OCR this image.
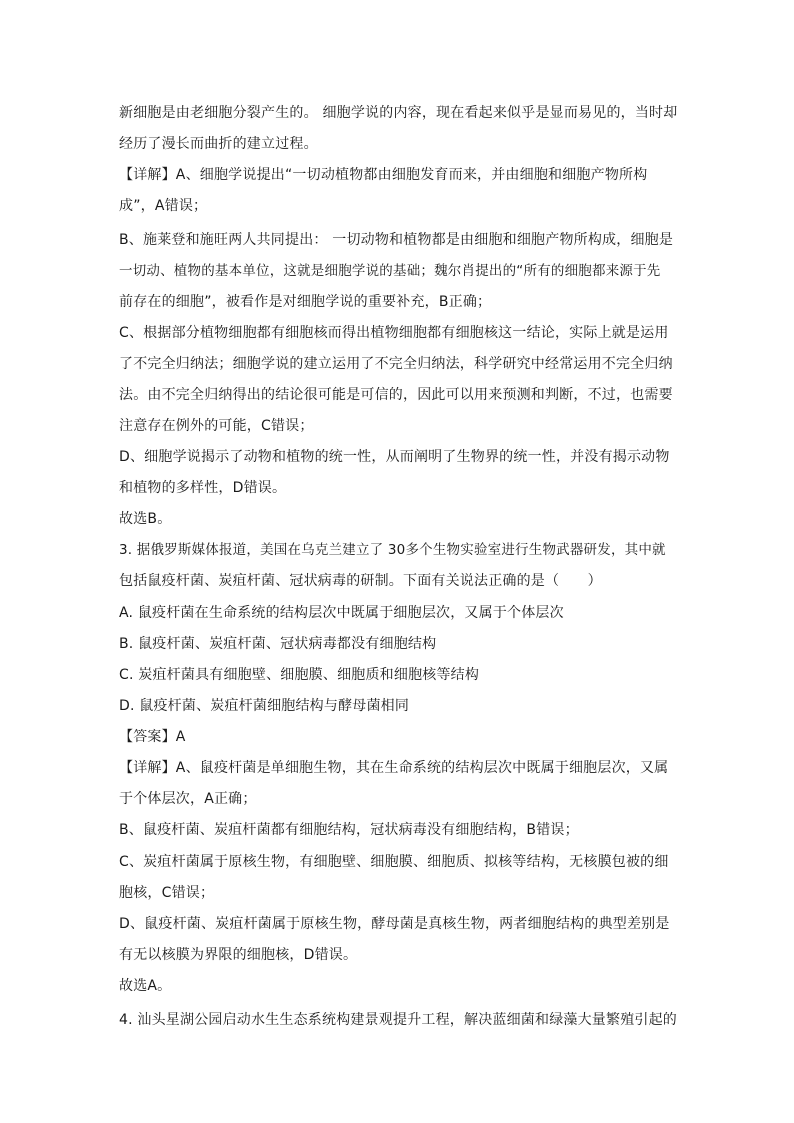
新细胞是由老细胞分裂产生的。 细胞学说的内容，现在看起来似乎是显而易见的，当时却
经历了漫长而曲折的建立过程。
【详解】A、细胞学说提出“一切动植物都由细胞发育而来，并由细胞和细胞产物所构
成”，A错误；
B、施莱登和施旺两人共同提出： 一切动物和植物都是由细胞和细胞产物所构成，细胞是
一切动、植物的基本单位，这就是细胞学说的基础；魏尔肖提出的“所有的细胞都来源于先
前存在的细胞”，被看作是对细胞学说的重要补充，B正确；
C、根据部分植物细胞都有细胞核而得出植物细胞都有细胞核这一结论，实际上就是运用
了不完全归纳法；细胞学说的建立运用了不完全归纳法，科学研究中经常运用不完全归纳
法。由不完全归纳得出的结论很可能是可信的，因此可以用来预测和判断，不过，也需要
注意存在例外的可能，C错误；
D、细胞学说揭示了动物和植物的统一性，从而阐明了生物界的统一性，并没有揭示动物
和植物的多样性，D错误。
故选B。
3. 据俄罗斯媒体报道，美国在乌克兰建立了 30多个生物实验室进行生物武器研发，其中就
包括鼠疫杆菌、炭疽杆菌、冠状病毒的研制。下面有关说法正确的是（　　）
A. 鼠疫杆菌在生命系统的结构层次中既属于细胞层次，又属于个体层次
B. 鼠疫杆菌、炭疽杆菌、冠状病毒都没有细胞结构
C. 炭疽杆菌具有细胞壁、细胞膜、细胞质和细胞核等结构
D. 鼠疫杆菌、炭疽杆菌细胞结构与酵母菌相同
【答案】A
【详解】A、鼠疫杆菌是单细胞生物，其在生命系统的结构层次中既属于细胞层次，又属
于个体层次，A正确；
B、鼠疫杆菌、炭疽杆菌都有细胞结构，冠状病毒没有细胞结构，B错误；
C、炭疽杆菌属于原核生物，有细胞壁、细胞膜、细胞质、拟核等结构，无核膜包被的细
胞核，C错误；
D、鼠疫杆菌、炭疽杆菌属于原核生物，酵母菌是真核生物，两者细胞结构的典型差别是
有无以核膜为界限的细胞核，D错误。
故选A。
4. 汕头星湖公园启动水生生态系统构建景观提升工程，解决蓝细菌和绿藻大量繁殖引起的
